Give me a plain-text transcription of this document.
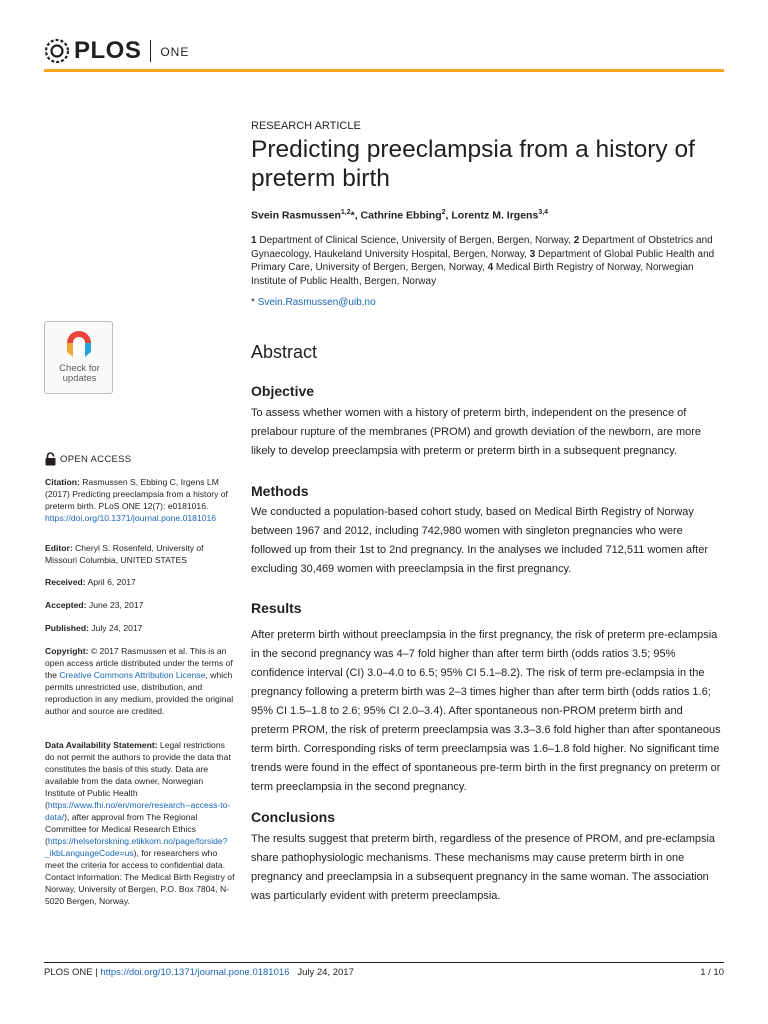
PLOS ONE
Check for
updates
OPEN ACCESS
Citation: Rasmussen S, Ebbing C, Irgens LM (2017) Predicting preeclampsia from a history of preterm birth. PLoS ONE 12(7): e0181016. https://doi.org/10.1371/journal.pone.0181016
Editor: Cheryl S. Rosenfeld, University of Missouri Columbia, UNITED STATES
Received: April 6, 2017
Accepted: June 23, 2017
Published: July 24, 2017
Copyright: © 2017 Rasmussen et al. This is an open access article distributed under the terms of the Creative Commons Attribution License, which permits unrestricted use, distribution, and reproduction in any medium, provided the original author and source are credited.
Data Availability Statement: Legal restrictions do not permit the authors to provide the data that constitutes the basis of this study. Data are available from the data owner, Norwegian Institute of Public Health (https://www.fhi.no/en/more/research--access-to-data/), after approval from The Regional Committee for Medical Research Ethics (https://helseforskning.etikkom.no/page/forside?_ikbLanguageCode=us), for researchers who meet the criteria for access to confidential data. Contact information: The Medical Birth Registry of Norway, University of Bergen, P.O. Box 7804, N-5020 Bergen, Norway.
RESEARCH ARTICLE
Predicting preeclampsia from a history of preterm birth
Svein Rasmussen$^{1,2}$*, Cathrine Ebbing$^2$, Lorentz M. Irgens$^{3,4}$
1 Department of Clinical Science, University of Bergen, Bergen, Norway, 2 Department of Obstetrics and Gynaecology, Haukeland University Hospital, Bergen, Norway, 3 Department of Global Public Health and Primary Care, University of Bergen, Bergen, Norway, 4 Medical Birth Registry of Norway, Norwegian Institute of Public Health, Bergen, Norway
* Svein.Rasmussen@uib.no
Abstract
Objective
To assess whether women with a history of preterm birth, independent on the presence of prelabour rupture of the membranes (PROM) and growth deviation of the newborn, are more likely to develop preeclampsia with preterm or preterm birth in a subsequent pregnancy.
Methods
We conducted a population-based cohort study, based on Medical Birth Registry of Norway between 1967 and 2012, including 742,980 women with singleton pregnancies who were followed up from their 1st to 2nd pregnancy. In the analyses we included 712,511 women after excluding 30,469 women with preeclampsia in the first pregnancy.
Results
After preterm birth without preeclampsia in the first pregnancy, the risk of preterm pre-eclampsia in the second pregnancy was 4–7 fold higher than after term birth (odds ratios 3.5; 95% confidence interval (CI) 3.0–4.0 to 6.5; 95% CI 5.1–8.2). The risk of term pre-eclampsia in the pregnancy following a preterm birth was 2–3 times higher than after term birth (odds ratios 1.6; 95% CI 1.5–1.8 to 2.6; 95% CI 2.0–3.4). After spontaneous non-PROM preterm birth and preterm PROM, the risk of preterm preeclampsia was 3.3–3.6 fold higher than after spontaneous term birth. Corresponding risks of term preeclampsia was 1.6–1.8 fold higher. No significant time trends were found in the effect of spontaneous pre-term birth in the first pregnancy on preterm or term preeclampsia in the second pregnancy.
Conclusions
The results suggest that preterm birth, regardless of the presence of PROM, and pre-eclampsia share pathophysiologic mechanisms. These mechanisms may cause preterm birth in one pregnancy and preeclampsia in a subsequent pregnancy in the same woman. The association was particularly evident with preterm preeclampsia.
PLOS ONE | https://doi.org/10.1371/journal.pone.0181016 July 24, 2017	1 / 10
